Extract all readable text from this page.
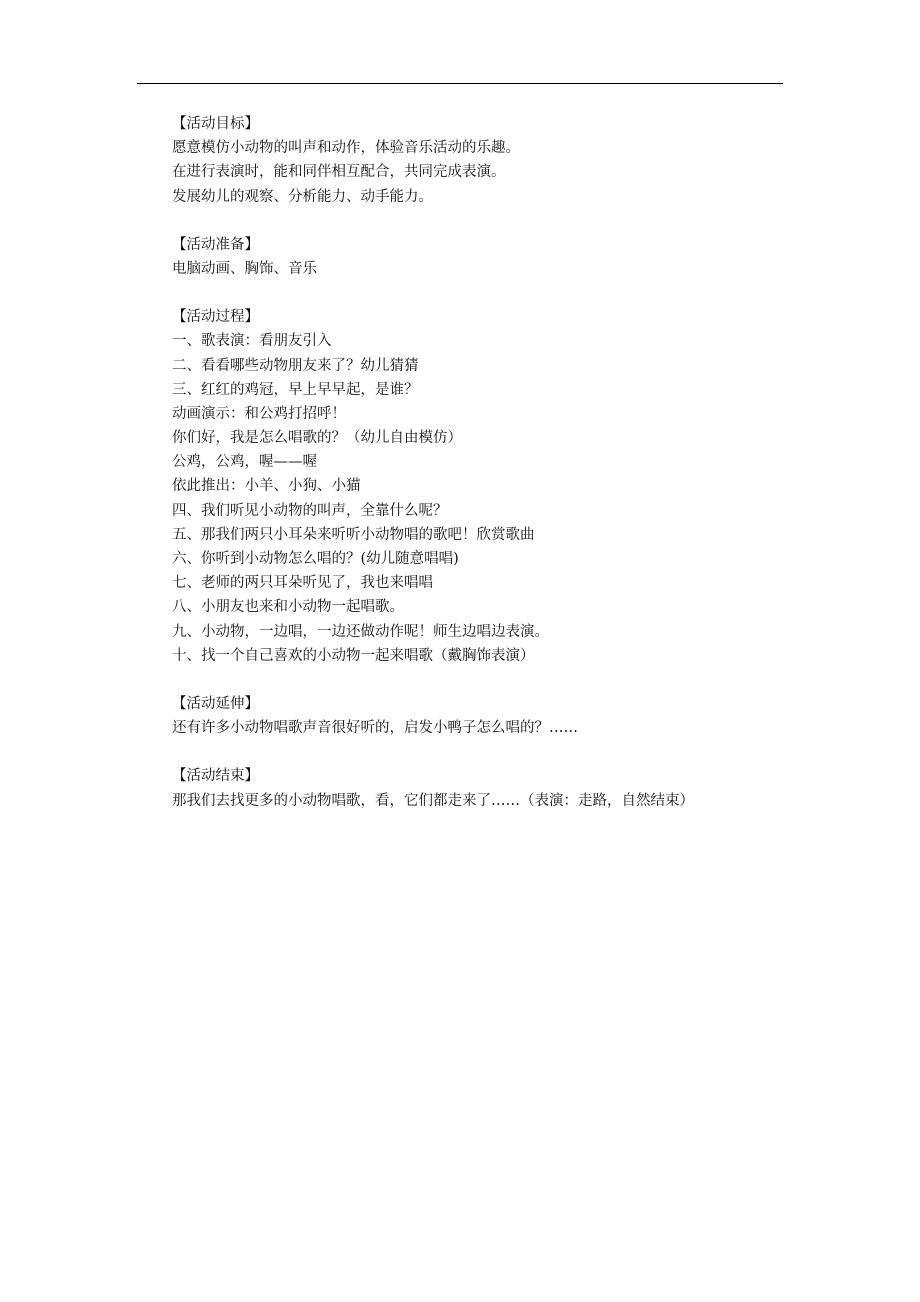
【活动目标】
愿意模仿小动物的叫声和动作，体验音乐活动的乐趣。
在进行表演时，能和同伴相互配合，共同完成表演。
发展幼儿的观察、分析能力、动手能力。
【活动准备】
电脑动画、胸饰、音乐
【活动过程】
一、歌表演：看朋友引入
二、看看哪些动物朋友来了？幼儿猜猜
三、红红的鸡冠，早上早早起，是谁？
动画演示：和公鸡打招呼！
你们好，我是怎么唱歌的？（幼儿自由模仿）
公鸡，公鸡，喔——喔
依此推出：小羊、小狗、小猫
四、我们听见小动物的叫声，全靠什么呢？
五、那我们两只小耳朵来听听小动物唱的歌吧！欣赏歌曲
六、你听到小动物怎么唱的？(幼儿随意唱唱)
七、老师的两只耳朵听见了，我也来唱唱
八、小朋友也来和小动物一起唱歌。
九、小动物，一边唱，一边还做动作呢！师生边唱边表演。
十、找一个自己喜欢的小动物一起来唱歌（戴胸饰表演）
【活动延伸】
还有许多小动物唱歌声音很好听的，启发小鸭子怎么唱的？……
【活动结束】
那我们去找更多的小动物唱歌，看，它们都走来了……（表演：走路，自然结束）
